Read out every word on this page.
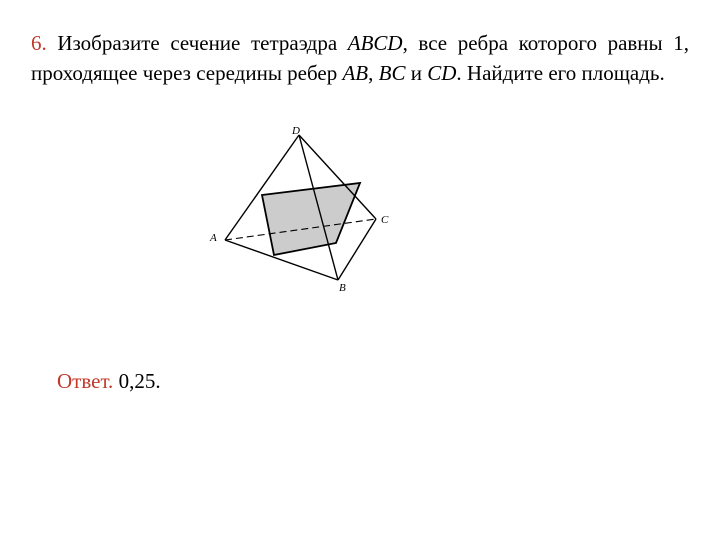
6. Изобразите сечение тетраэдра ABCD, все ребра которого равны 1, проходящее через середины ребер AB, BC и CD. Найдите его площадь.

D
C
A
B

Ответ. 0,25.
